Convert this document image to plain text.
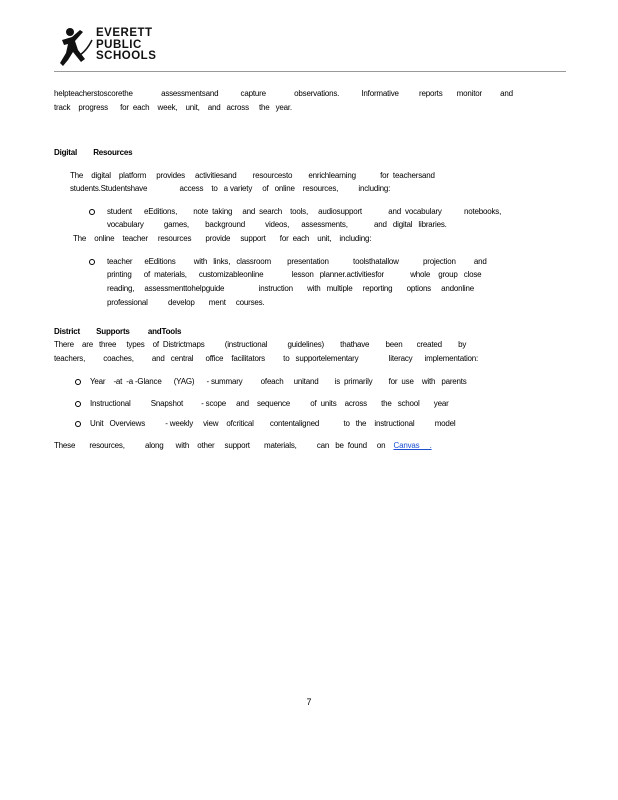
EVERETT
PUBLIC
SCHOOLS
helpteacherstoscorethe              assessmentsand           capture              observations.           Informative          reports       monitor         and
track    progress      for  each    week,    unit,    and   across     the   year.
Digital        Resources
The    digital    platform     provides     activitiesand        resourcesto        enrichlearning            for  teachersand
students.Studentshave                access    to   a variety     of   online    resources,          including:
student      eEditions,        note  taking     and  search    tools,     audiosupport             and  vocabulary           notebooks,
vocabulary          games,        background          videos,      assessments,             and   digital   libraries.
The    online    teacher     resources       provide     support       for  each    unit,    including:
teacher      eEditions         with   links,   classroom        presentation            toolsthatallow            projection         and
printing      of  materials,      customizableonline              lesson   planner.activitiesfor             whole    group   close
reading,     assessmenttohelpguide                 instruction       with   multiple     reporting       options     andonline
professional          develop       ment     courses.
District        Supports         andTools
There    are   three     types    of  Districtmaps          (instructional          guidelines)        thathave        been       created        by
teachers,         coaches,         and   central      office    facilitators         to   supportelementary               literacy      implementation:
Year    -at  -a -Glance      (YAG)      - summary         ofeach     unitand        is  primarily        for  use    with   parents
Instructional          Snapshot         - scope     and    sequence          of  units    across       the   school       year
Unit   Overviews          - weekly     view    ofcritical        contentaligned            to   the    instructional          model
These       resources,          along      with    other     support       materials,          can   be  found     on Canvas     .
7
